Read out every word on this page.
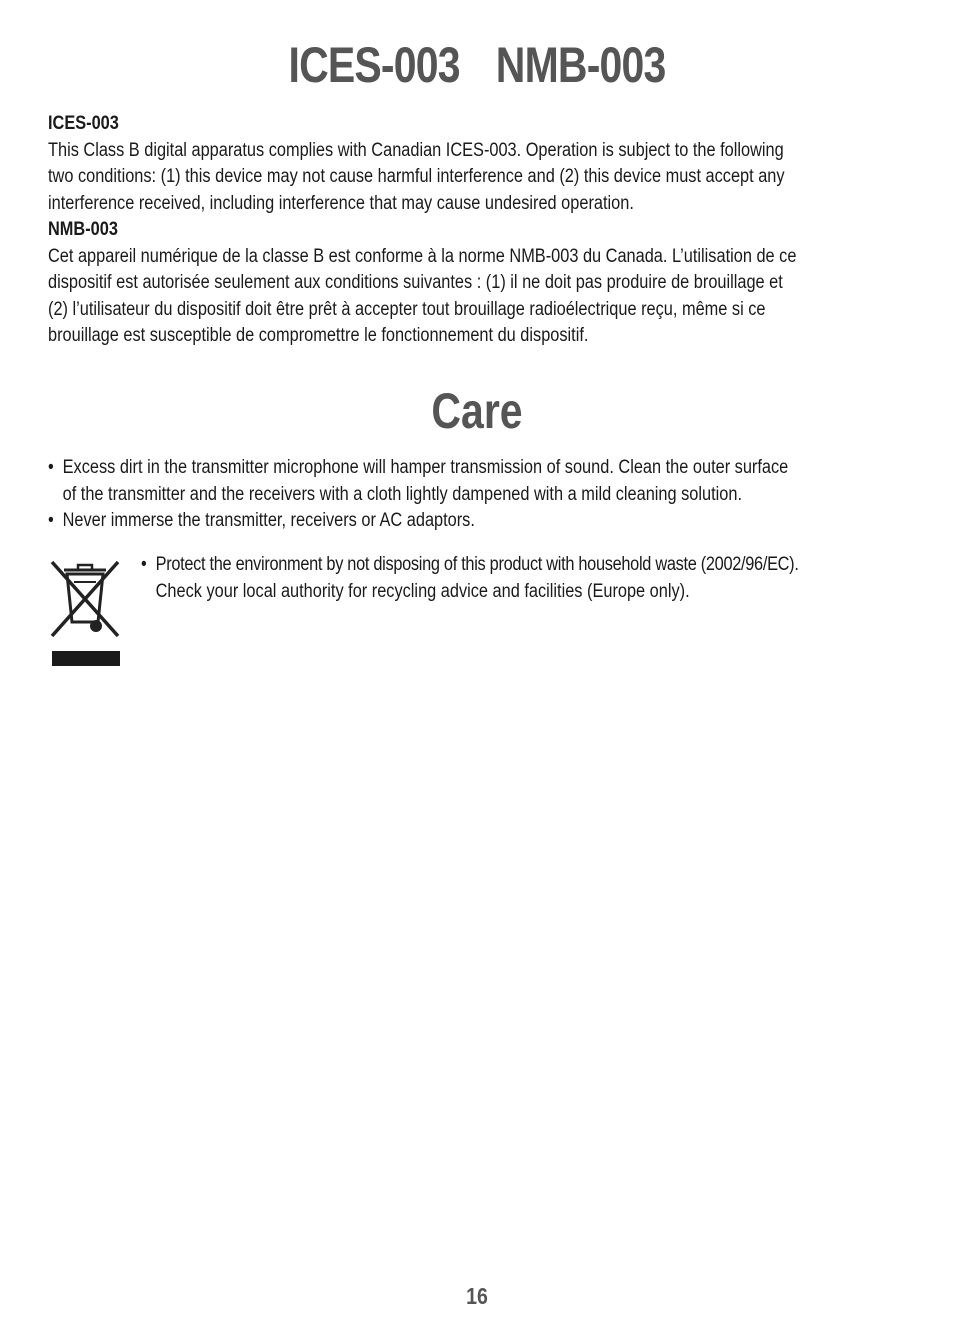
ICES-003 NMB-003
ICES-003
This Class B digital apparatus complies with Canadian ICES-003. Operation is subject to the following
two conditions: (1) this device may not cause harmful interference and (2) this device must accept any
interference received, including interference that may cause undesired operation.
NMB-003
Cet appareil numérique de la classe B est conforme à la norme NMB-003 du Canada. L’utilisation de ce
dispositif est autorisée seulement aux conditions suivantes : (1) il ne doit pas produire de brouillage et
(2) l’utilisateur du dispositif doit être prêt à accepter tout brouillage radioélectrique reçu, même si ce
brouillage est susceptible de compromettre le fonctionnement du dispositif.
Care
• Excess dirt in the transmitter microphone will hamper transmission of sound. Clean the outer surface
of the transmitter and the receivers with a cloth lightly dampened with a mild cleaning solution.
• Never immerse the transmitter, receivers or AC adaptors.
• Protect the environment by not disposing of this product with household waste (2002/96/EC).
Check your local authority for recycling advice and facilities (Europe only).
16
